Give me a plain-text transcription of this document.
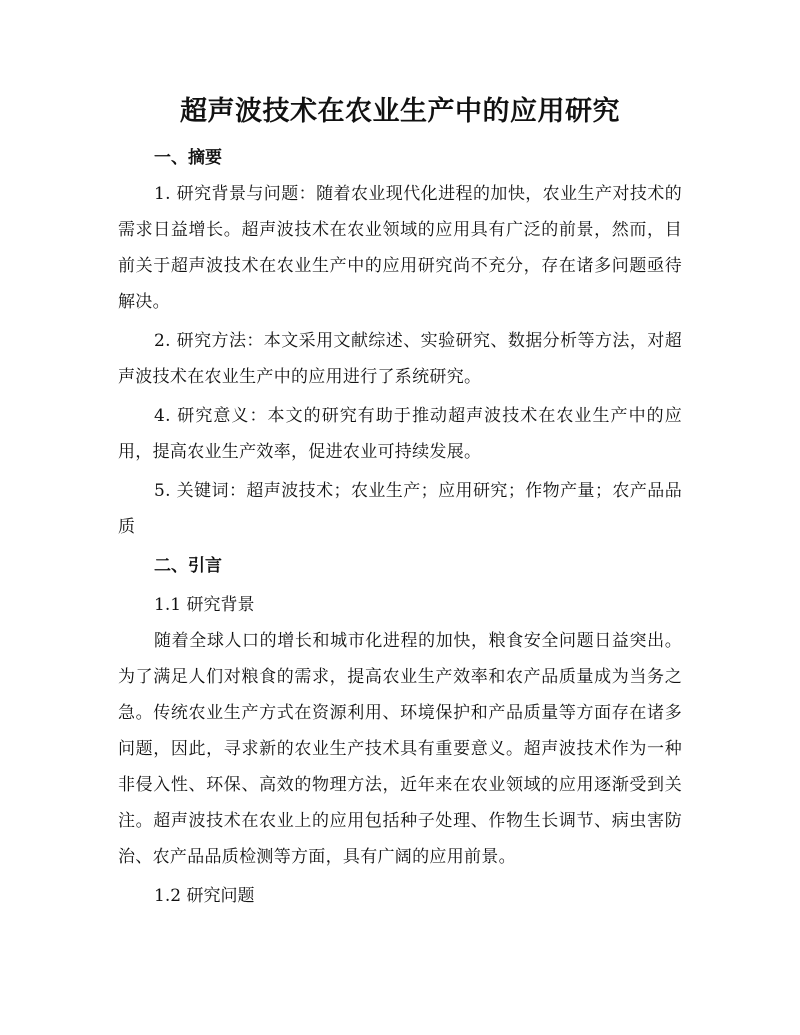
超声波技术在农业生产中的应用研究
一、摘要

1. 研究背景与问题：随着农业现代化进程的加快，农业生产对技术的需求日益增长。超声波技术在农业领域的应用具有广泛的前景，然而，目前关于超声波技术在农业生产中的应用研究尚不充分，存在诸多问题亟待解决。

2. 研究方法：本文采用文献综述、实验研究、数据分析等方法，对超声波技术在农业生产中的应用进行了系统研究。

4. 研究意义：本文的研究有助于推动超声波技术在农业生产中的应用，提高农业生产效率，促进农业可持续发展。

5. 关键词：超声波技术；农业生产；应用研究；作物产量；农产品品质

二、引言

1.1 研究背景

随着全球人口的增长和城市化进程的加快，粮食安全问题日益突出。为了满足人们对粮食的需求，提高农业生产效率和农产品质量成为当务之急。传统农业生产方式在资源利用、环境保护和产品质量等方面存在诸多问题，因此，寻求新的农业生产技术具有重要意义。超声波技术作为一种非侵入性、环保、高效的物理方法，近年来在农业领域的应用逐渐受到关注。超声波技术在农业上的应用包括种子处理、作物生长调节、病虫害防治、农产品品质检测等方面，具有广阔的应用前景。

1.2 研究问题
